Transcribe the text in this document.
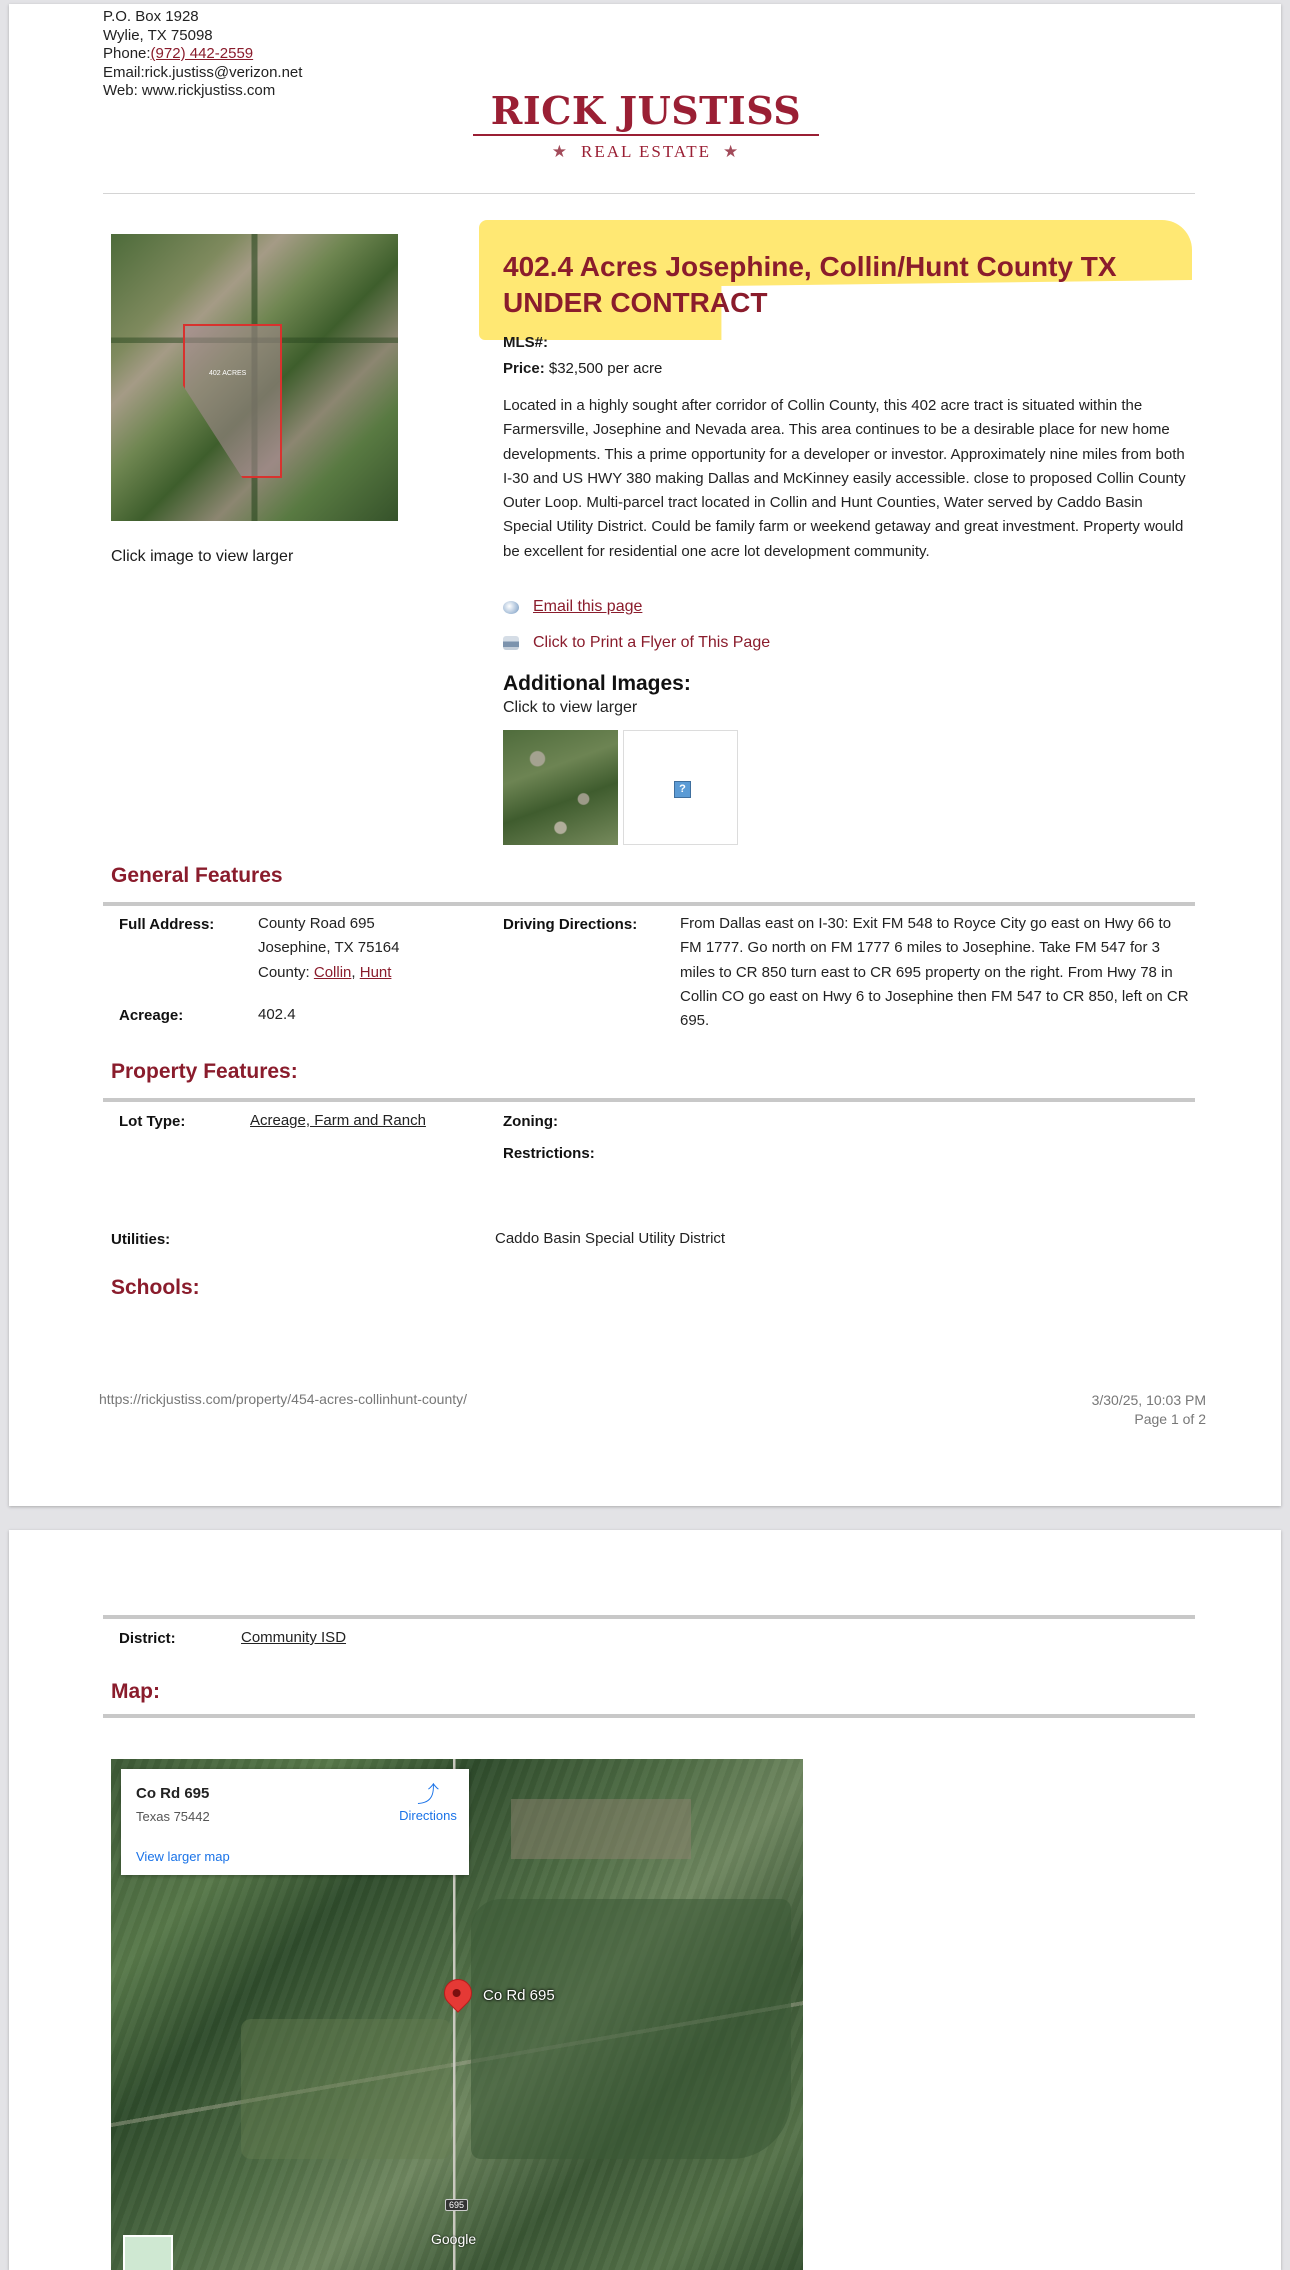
P.O. Box 1928
Wylie, TX 75098
Phone:(972) 442-2559
Email:rick.justiss@verizon.net
Web: www.rickjustiss.com	RICK JUSTISS
★ REAL ESTATE ★
402 ACRES
Click image to view larger
402.4 Acres Josephine, Collin/Hunt County TX
UNDER CONTRACT
MLS#:
Price: $32,500 per acre
Located in a highly sought after corridor of Collin County, this 402 acre tract is situated within the Farmersville, Josephine and Nevada area. This area continues to be a desirable place for new home developments. This a prime opportunity for a developer or investor. Approximately nine miles from both I-30 and US HWY 380 making Dallas and McKinney easily accessible. close to proposed Collin County Outer Loop. Multi-parcel tract located in Collin and Hunt Counties, Water served by Caddo Basin Special Utility District. Could be family farm or weekend getaway and great investment. Property would be excellent for residential one acre lot development community.
Email this page
Click to Print a Flyer of This Page
Additional Images:
Click to view larger
?
General Features
Full Address:	County Road 695
Josephine, TX 75164
County: Collin, Hunt
Acreage:	402.4
Driving Directions:	From Dallas east on I-30: Exit FM 548 to Royce City go east on Hwy 66 to FM 1777. Go north on FM 1777 6 miles to Josephine. Take FM 547 for 3 miles to CR 850 turn east to CR 695 property on the right. From Hwy 78 in Collin CO go east on Hwy 6 to Josephine then FM 547 to CR 850, left on CR 695.
Property Features:
Lot Type:	Acreage, Farm and Ranch	Zoning:
Restrictions:
Utilities:	Caddo Basin Special Utility District
Schools:
https://rickjustiss.com/property/454-acres-collinhunt-county/	3/30/25, 10:03 PM
Page 1 of 2
District:	Community ISD
Map:
Co Rd 695
Texas 75442
View larger map
⤴
Directions
Co Rd 695
695
Google
